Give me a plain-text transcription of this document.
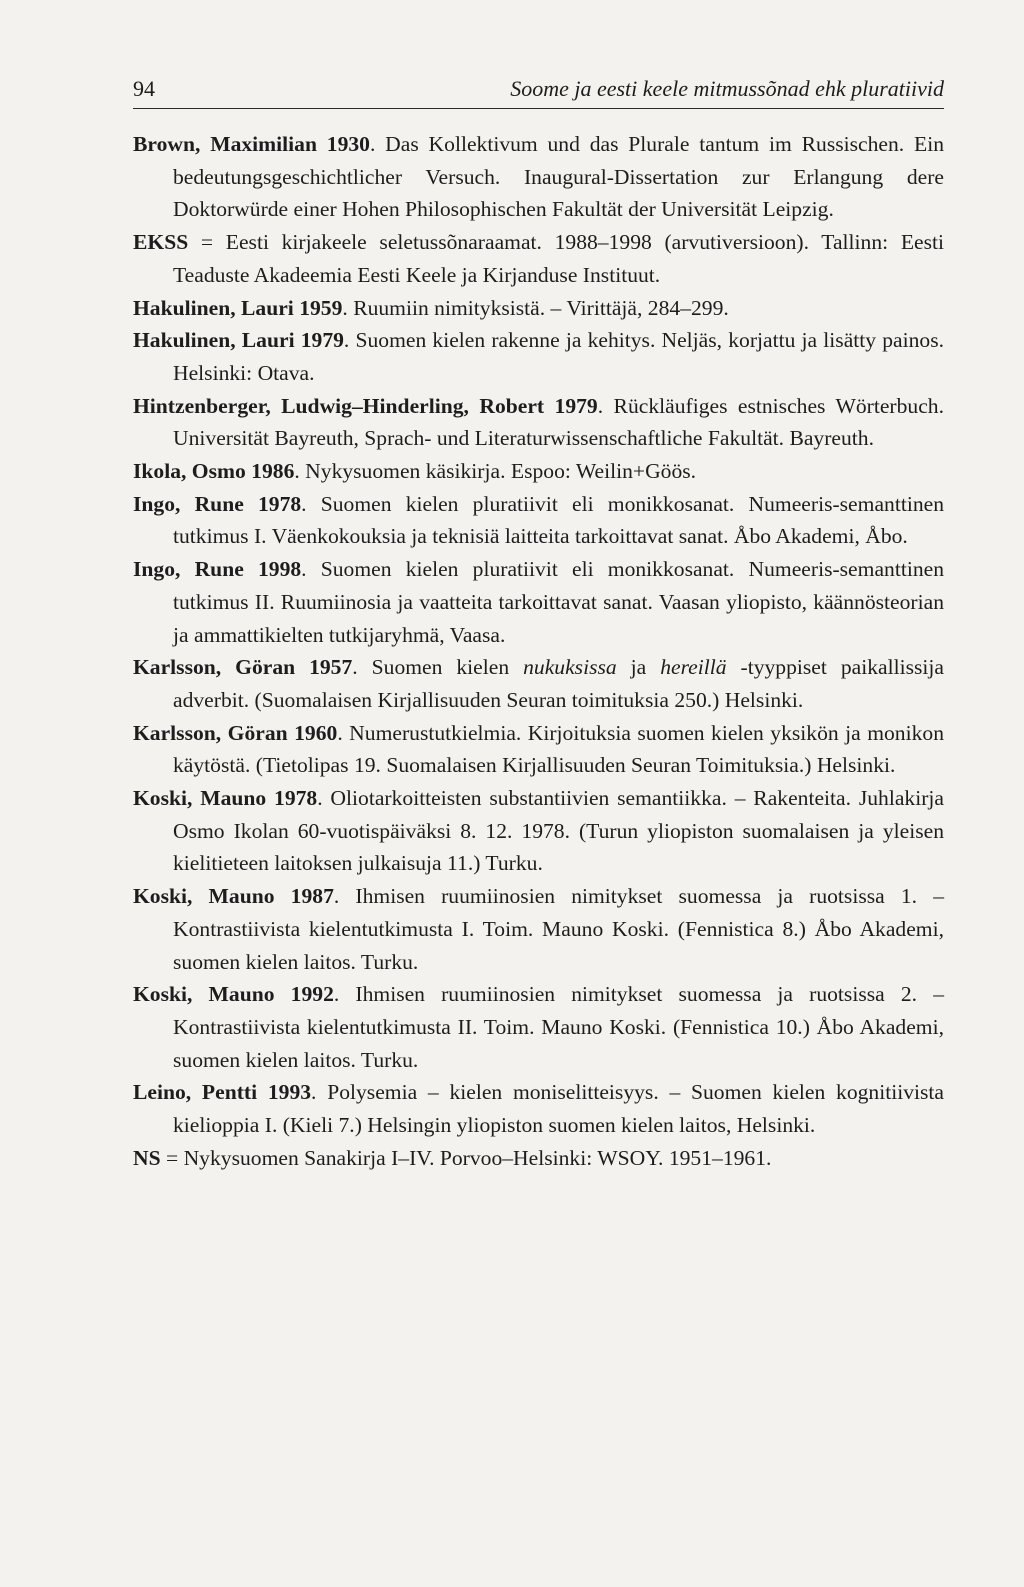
94	Soome ja eesti keele mitmussõnad ehk pluratiivid
Brown, Maximilian 1930. Das Kollektivum und das Plurale tantum im Russischen. Ein bedeutungsgeschichtlicher Versuch. Inaugural-Dissertation zur Erlangung dere Doktorwürde einer Hohen Philosophischen Fakultät der Universität Leipzig.
EKSS = Eesti kirjakeele seletussõnaraamat. 1988–1998 (arvutiversioon). Tallinn: Eesti Teaduste Akadeemia Eesti Keele ja Kirjanduse Instituut.
Hakulinen, Lauri 1959. Ruumiin nimityksistä. – Virittäjä, 284–299.
Hakulinen, Lauri 1979. Suomen kielen rakenne ja kehitys. Neljäs, korjattu ja lisätty painos. Helsinki: Otava.
Hintzenberger, Ludwig–Hinderling, Robert 1979. Rückläufiges estnisches Wörterbuch. Universität Bayreuth, Sprach- und Literaturwissenschaftliche Fakultät. Bayreuth.
Ikola, Osmo 1986. Nykysuomen käsikirja. Espoo: Weilin+Göös.
Ingo, Rune 1978. Suomen kielen pluratiivit eli monikkosanat. Numeeris-semanttinen tutkimus I. Väenkokouksia ja teknisiä laitteita tarkoittavat sanat. Åbo Akademi, Åbo.
Ingo, Rune 1998. Suomen kielen pluratiivit eli monikkosanat. Numeeris-semanttinen tutkimus II. Ruumiinosia ja vaatteita tarkoittavat sanat. Vaasan yliopisto, käännösteorian ja ammattikielten tutkijaryhmä, Vaasa.
Karlsson, Göran 1957. Suomen kielen nukuksissa ja hereillä -tyyppiset paikallissija adverbit. (Suomalaisen Kirjallisuuden Seuran toimituksia 250.) Helsinki.
Karlsson, Göran 1960. Numerustutkielmia. Kirjoituksia suomen kielen yksikön ja monikon käytöstä. (Tietolipas 19. Suomalaisen Kirjallisuuden Seuran Toimituksia.) Helsinki.
Koski, Mauno 1978. Oliotarkoitteisten substantiivien semantiikka. – Rakenteita. Juhlakirja Osmo Ikolan 60-vuotispäiväksi 8. 12. 1978. (Turun yliopiston suomalaisen ja yleisen kielitieteen laitoksen julkaisuja 11.) Turku.
Koski, Mauno 1987. Ihmisen ruumiinosien nimitykset suomessa ja ruotsissa 1. – Kontrastiivista kielentutkimusta I. Toim. Mauno Koski. (Fennistica 8.) Åbo Akademi, suomen kielen laitos. Turku.
Koski, Mauno 1992. Ihmisen ruumiinosien nimitykset suomessa ja ruotsissa 2. – Kontrastiivista kielentutkimusta II. Toim. Mauno Koski. (Fennistica 10.) Åbo Akademi, suomen kielen laitos. Turku.
Leino, Pentti 1993. Polysemia – kielen moniselitteisyys. – Suomen kielen kognitiivista kielioppia I. (Kieli 7.) Helsingin yliopiston suomen kielen laitos, Helsinki.
NS = Nykysuomen Sanakirja I–IV. Porvoo–Helsinki: WSOY. 1951–1961.
